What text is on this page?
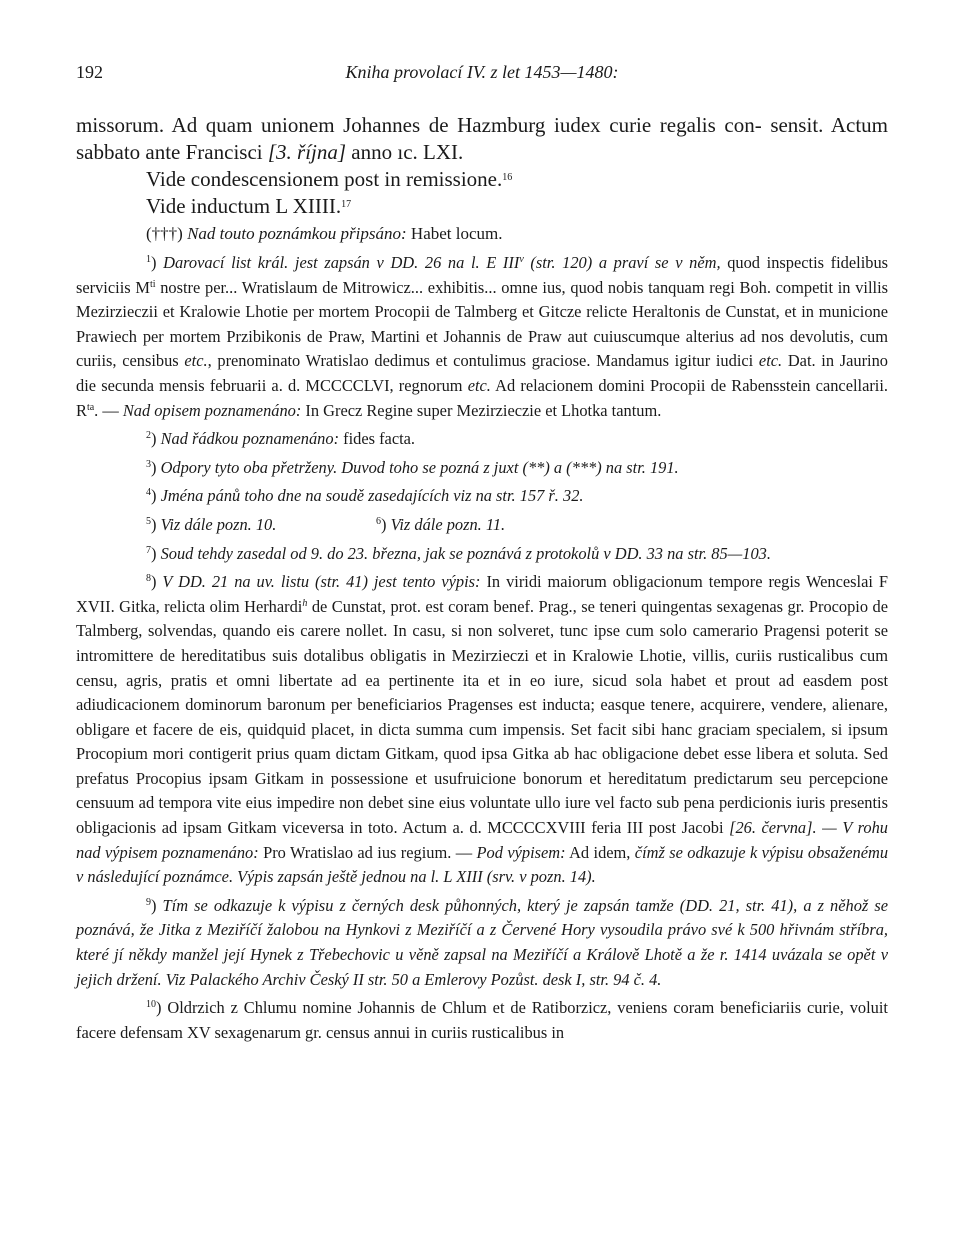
192	Kniha provolací IV. z let 1453—1480:

missorum. Ad quam unionem Johannes de Hazmburg iudex curie regalis con- sensit. Actum sabbato ante Francisci [3. října] anno ıc. LXI.

Vide condescensionem post in remissione.$^{16}$

Vide inductum L XIIII.$^{17}$

(†††) Nad touto poznámkou připsáno: Habet locum.

$^1$) Darovací list král. jest zapsán v DD. 26 na l. E III$^v$ (str. 120) a praví se v něm, quod inspectis fidelibus serviciis $M^{ti}$ nostre per... Wratislaum de Mitrowicz... exhibitis... omne ius, quod nobis tanquam regi Boh. competit in villis Mezirzieczii et Kralowie Lhotie per mortem Procopii de Talmberg et Gitcze relicte Heraltonis de Cunstat, et in municione Prawiech per mortem Przibikonis de Praw, Martini et Johannis de Praw aut cuiuscumque alterius ad nos devolutis, cum curiis, censibus etc., prenominato Wratislao dedimus et contulimus graciose. Mandamus igitur iudici etc. Dat. in Jaurino die secunda mensis februarii a. d. MCCCCLVI, regnorum etc. Ad relacionem domini Procopii de Rabensstein cancellarii. $R^{ta}$. — Nad opisem poznamenáno: In Grecz Regine super Mezirzieczie et Lhotka tantum.

$^2$) Nad řádkou poznamenáno: fides facta.

$^3$) Odpory tyto oba přetrženy. Duvod toho se pozná z juxt (**) a (***) na str. 191.

$^4$) Jména pánů toho dne na soudě zasedajících viz na str. 157 ř. 32.

$^5$) Viz dále pozn. 10.	$^6$) Viz dále pozn. 11.

$^7$) Soud tehdy zasedal od 9. do 23. března, jak se poznává z protokolů v DD. 33 na str. 85—103.

$^8$) V DD. 21 na uv. listu (str. 41) jest tento výpis: In viridi maiorum obligacionum tempore regis Wenceslai F XVII. Gitka, relicta olim Herhardi$^h$ de Cunstat, prot. est coram benef. Prag., se teneri quingentas sexagenas gr. Procopio de Talmberg, solvendas, quando eis carere nollet. In casu, si non solveret, tunc ipse cum solo camerario Pragensi poterit se intromittere de hereditatibus suis dotalibus obligatis in Mezirzieczi et in Kralowie Lhotie, villis, curiis rusticalibus cum censu, agris, pratis et omni libertate ad ea pertinente ita et in eo iure, sicud sola habet et prout ad easdem post adiudicacionem dominorum baronum per beneficiarios Pragenses est inducta; easque tenere, acquirere, vendere, alienare, obligare et facere de eis, quidquid placet, in dicta summa cum impensis. Set facit sibi hanc graciam specialem, si ipsum Procopium mori contigerit prius quam dictam Gitkam, quod ipsa Gitka ab hac obligacione debet esse libera et soluta. Sed prefatus Procopius ipsam Gitkam in possessione et usufruicione bonorum et hereditatum predictarum seu percepcione censuum ad tempora vite eius impedire non debet sine eius voluntate ullo iure vel facto sub pena perdicionis iuris presentis obligacionis ad ipsam Gitkam viceversa in toto. Actum a. d. MCCCCXVIII feria III post Jacobi [26. června]. — V rohu nad výpisem poznamenáno: Pro Wratislao ad ius regium. — Pod výpisem: Ad idem, čímž se odkazuje k výpisu obsaženému v následující poznámce. Výpis zapsán ještě jednou na l. L XIII (srv. v pozn. 14).

$^9$) Tím se odkazuje k výpisu z černých desk půhonných, který je zapsán tamže (DD. 21, str. 41), a z něhož se poznává, že Jitka z Meziříčí žalobou na Hynkovi z Meziříčí a z Červené Hory vysoudila právo své k 500 hřivnám stříbra, které jí někdy manžel její Hynek z Třebechovic u věně zapsal na Meziříčí a Králově Lhotě a že r. 1414 uvázala se opět v jejich držení. Viz Palackého Archiv Český II str. 50 a Emlerovy Pozůst. desk I, str. 94 č. 4.

$^{10}$) Oldrzich z Chlumu nomine Johannis de Chlum et de Ratiborzicz, veniens coram beneficiariis curie, voluit facere defensam XV sexagenarum gr. census annui in curiis rusticalibus in
